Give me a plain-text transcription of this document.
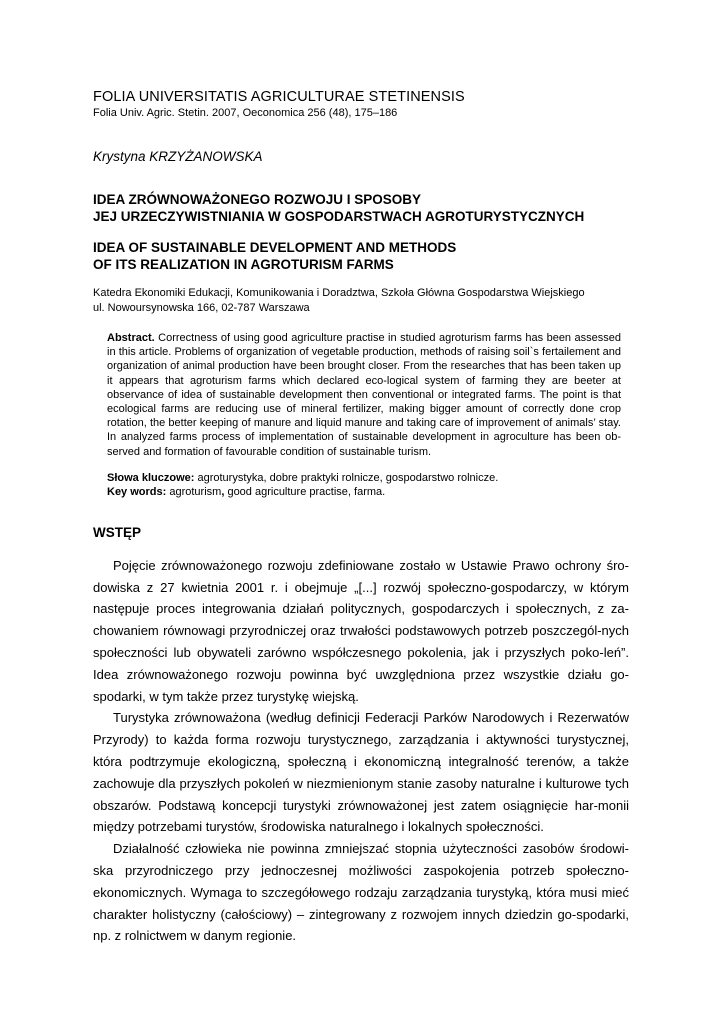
FOLIA UNIVERSITATIS AGRICULTURAE STETINENSIS

Folia Univ. Agric. Stetin. 2007, Oeconomica 256 (48), 175–186

Krystyna KRZYŻANOWSKA

IDEA ZRÓWNOWAŻONEGO ROZWOJU I SPOSOBY

JEJ URZECZYWISTNIANIA W GOSPODARSTWACH AGROTURYSTYCZNYCH

IDEA OF SUSTAINABLE DEVELOPMENT AND METHODS

OF ITS REALIZATION IN AGROTURISM FARMS

Katedra Ekonomiki Edukacji, Komunikowania i Doradztwa, Szkoła Główna Gospodarstwa Wiejskiego
ul. Nowoursynowska 166, 02-787 Warszawa
Abstract. Correctness of using good agriculture practise in studied agroturism farms has been assessed in this article. Problems of organization of vegetable production, methods of raising soil`s fertailement and organization of animal production have been brought closer. From the researches that has been taken up it appears that agroturism farms which declared eco-logical system of farming they are beeter at observance of idea of sustainable development then conventional or integrated farms. The point is that ecological farms are reducing use of mineral fertilizer, making bigger amount of correctly done crop rotation, the better keeping of manure and liquid manure and taking care of improvement of animals’ stay. In analyzed farms process of implementation of sustainable development in agroculture has been ob-served and formation of favourable condition of sustainable turism.
Słowa kluczowe: agroturystyka, dobre praktyki rolnicze, gospodarstwo rolnicze.
Key words: agroturism, good agriculture practise, farma.
WSTĘP

Pojęcie zrównoważonego rozwoju zdefiniowane zostało w Ustawie Prawo ochrony śro-dowiska z 27 kwietnia 2001 r. i obejmuje „[...] rozwój społeczno-gospodarczy, w którym następuje proces integrowania działań politycznych, gospodarczych i społecznych, z za-chowaniem równowagi przyrodniczej oraz trwałości podstawowych potrzeb poszczegól-nych społeczności lub obywateli zarówno współczesnego pokolenia, jak i przyszłych poko-leń”. Idea zrównoważonego rozwoju powinna być uwzględniona przez wszystkie działu go-spodarki, w tym także przez turystykę wiejską.

Turystyka zrównoważona (według definicji Federacji Parków Narodowych i Rezerwatów Przyrody) to każda forma rozwoju turystycznego, zarządzania i aktywności turystycznej, która podtrzymuje ekologiczną, społeczną i ekonomiczną integralność terenów, a także zachowuje dla przyszłych pokoleń w niezmienionym stanie zasoby naturalne i kulturowe tych obszarów. Podstawą koncepcji turystyki zrównoważonej jest zatem osiągnięcie har-monii między potrzebami turystów, środowiska naturalnego i lokalnych społeczności.

Działalność człowieka nie powinna zmniejszać stopnia użyteczności zasobów środowi-ska przyrodniczego przy jednoczesnej możliwości zaspokojenia potrzeb społeczno-ekonomicznych. Wymaga to szczegółowego rodzaju zarządzania turystyką, która musi mieć charakter holistyczny (całościowy) – zintegrowany z rozwojem innych dziedzin go-spodarki, np. z rolnictwem w danym regionie.
